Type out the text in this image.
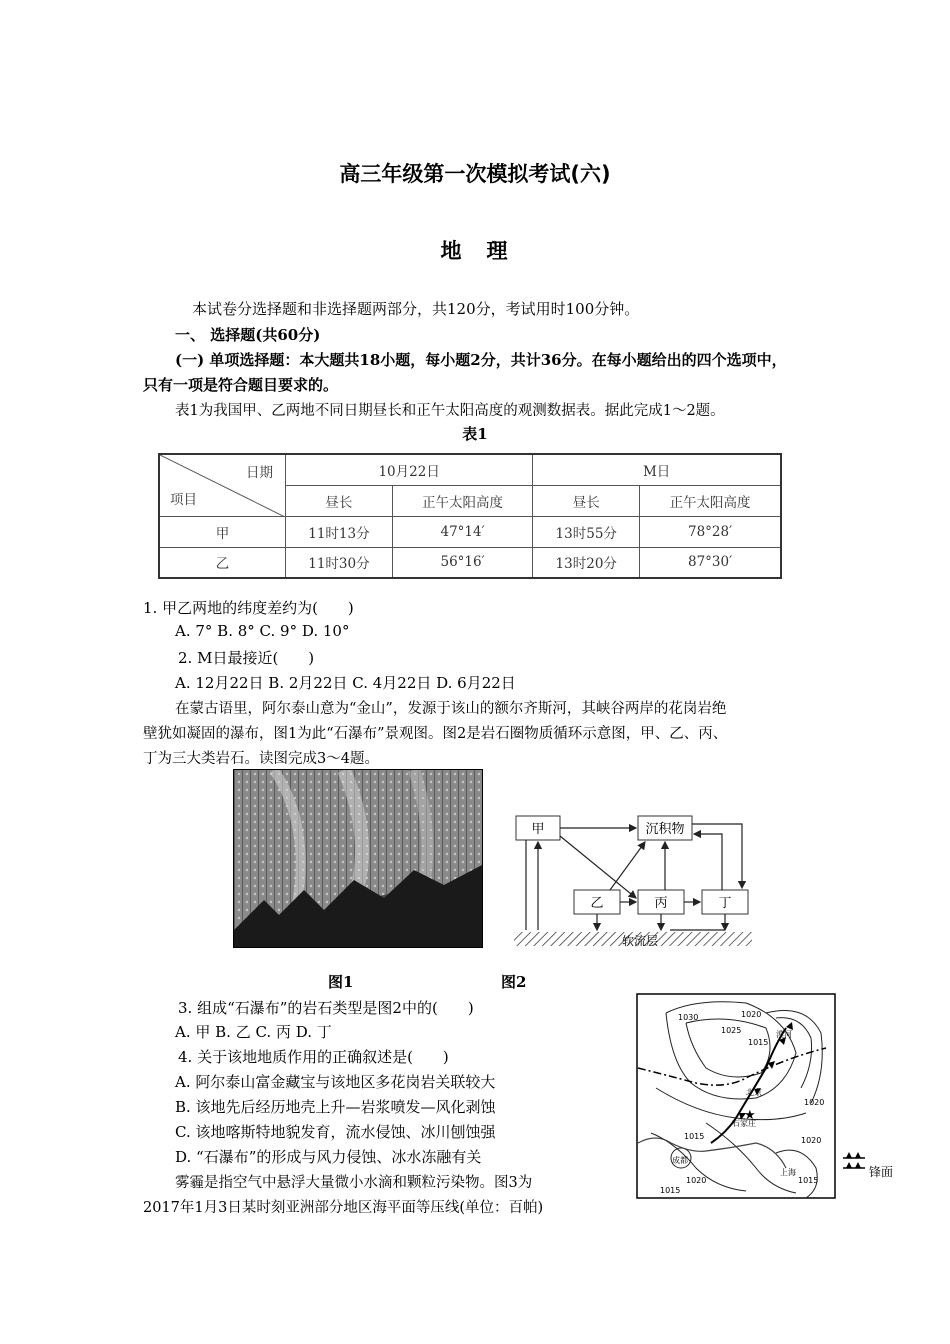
高三年级第一次模拟考试(六)
地　理
本试卷分选择题和非选择题两部分，共120分，考试用时100分钟。
一、 选择题(共60分)
(一) 单项选择题：本大题共18小题，每小题2分，共计36分。在每小题给出的四个选项中，
只有一项是符合题目要求的。
表1为我国甲、乙两地不同日期昼长和正午太阳高度的观测数据表。据此完成1～2题。
表1
日期
项目	10月22日		M日	
	昼长	正午太阳高度	昼长	正午太阳高度
甲	11时13分	47°14′	13时55分	78°28′
乙	11时30分	56°16′	13时20分	87°30′
1. 甲乙两地的纬度差约为(　　)
A. 7° B. 8° C. 9° D. 10°
2. M日最接近(　　)
A. 12月22日 B. 2月22日 C. 4月22日 D. 6月22日
在蒙古语里，阿尔泰山意为“金山”，发源于该山的额尔齐斯河，其峡谷两岸的花岗岩绝
壁犹如凝固的瀑布，图1为此“石瀑布”景观图。图2是岩石圈物质循环示意图，甲、乙、丙、
丁为三大类岩石。读图完成3～4题。
甲	沉积物
乙	丙	丁
软流层
图1	图2
3. 组成“石瀑布”的岩石类型是图2中的(　　)
A. 甲 B. 乙 C. 丙 D. 丁
4. 关于该地地质作用的正确叙述是(　　)
A. 阿尔泰山富金藏宝与该地区多花岗岩关联较大
B. 该地先后经历地壳上升—岩浆喷发—风化剥蚀
C. 该地喀斯特地貌发育，流水侵蚀、冰川刨蚀强
D. “石瀑布”的形成与风力侵蚀、冰水冻融有关
雾霾是指空气中悬浮大量微小水滴和颗粒污染物。图3为
2017年1月3日某时刻亚洲部分地区海平面等压线(单位：百帕)
★
1030
1025
1020
1015
漠河
北京
石家庄
成都
上海
1020
1015
1020
1015
1015	1020
锋面
